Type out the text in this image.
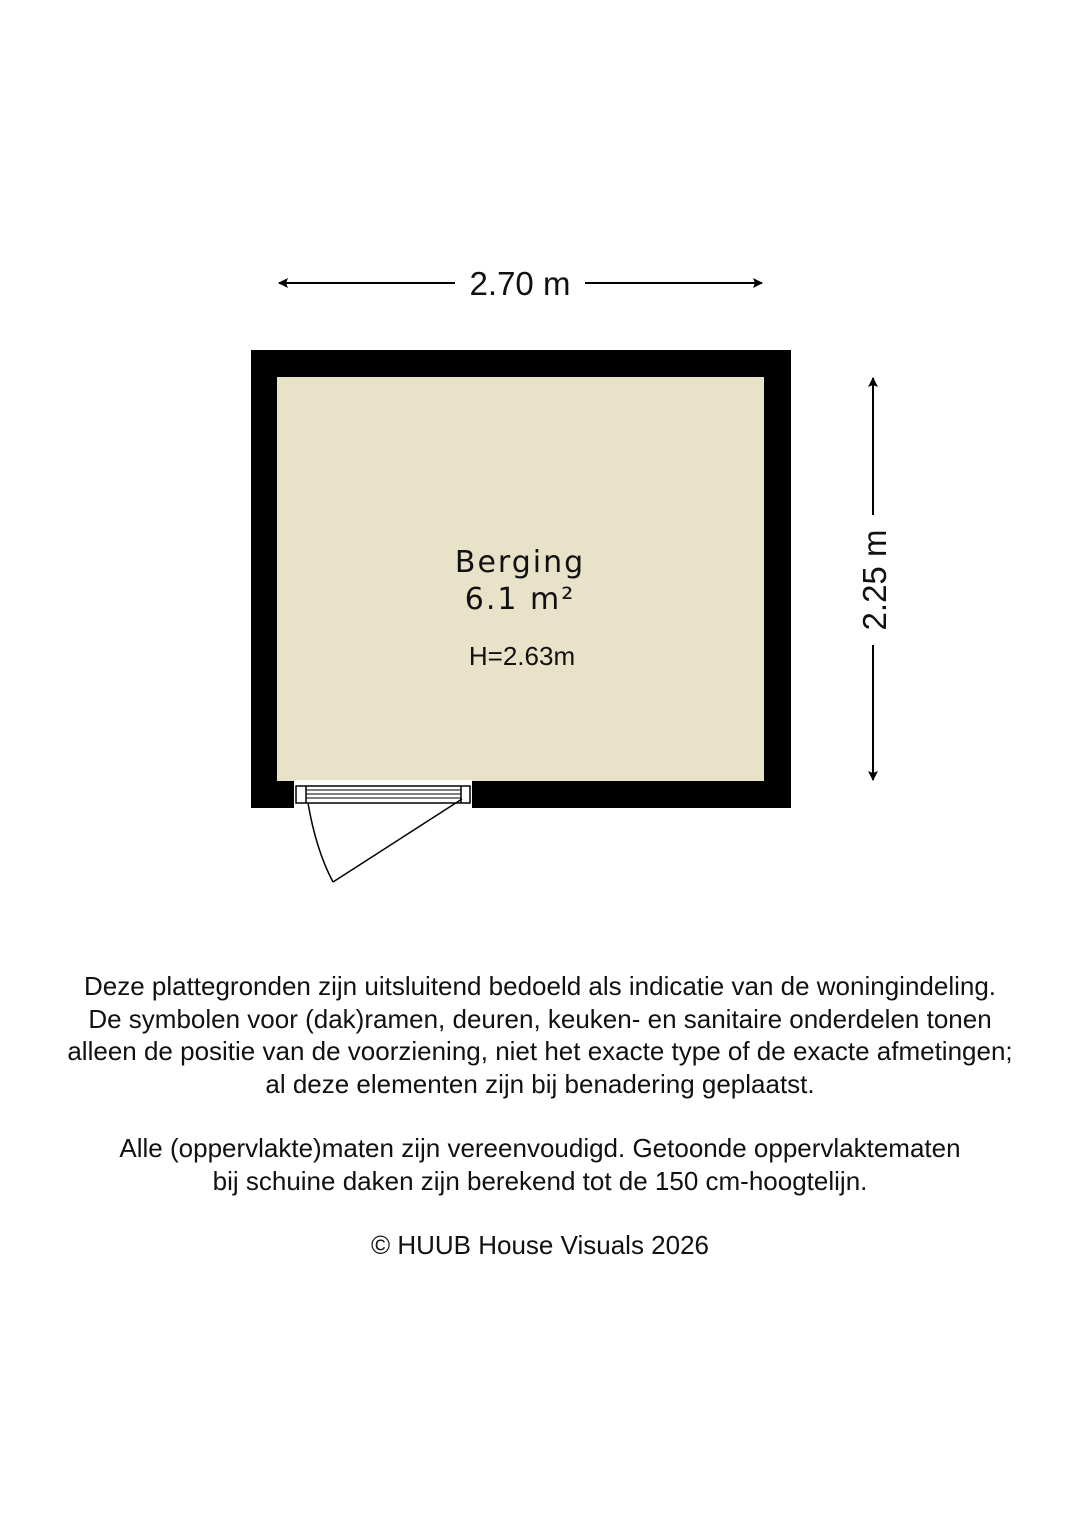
2.70 m
2.25 m
Berging
6.1 m²
H=2.63m

Deze plattegronden zijn uitsluitend bedoeld als indicatie van de woningindeling.

De symbolen voor (dak)ramen, deuren, keuken- en sanitaire onderdelen tonen

alleen de positie van de voorziening, niet het exacte type of de exacte afmetingen;

al deze elementen zijn bij benadering geplaatst.

Alle (oppervlakte)maten zijn vereenvoudigd. Getoonde oppervlaktematen

bij schuine daken zijn berekend tot de 150 cm-hoogtelijn.

© HUUB House Visuals 2026
